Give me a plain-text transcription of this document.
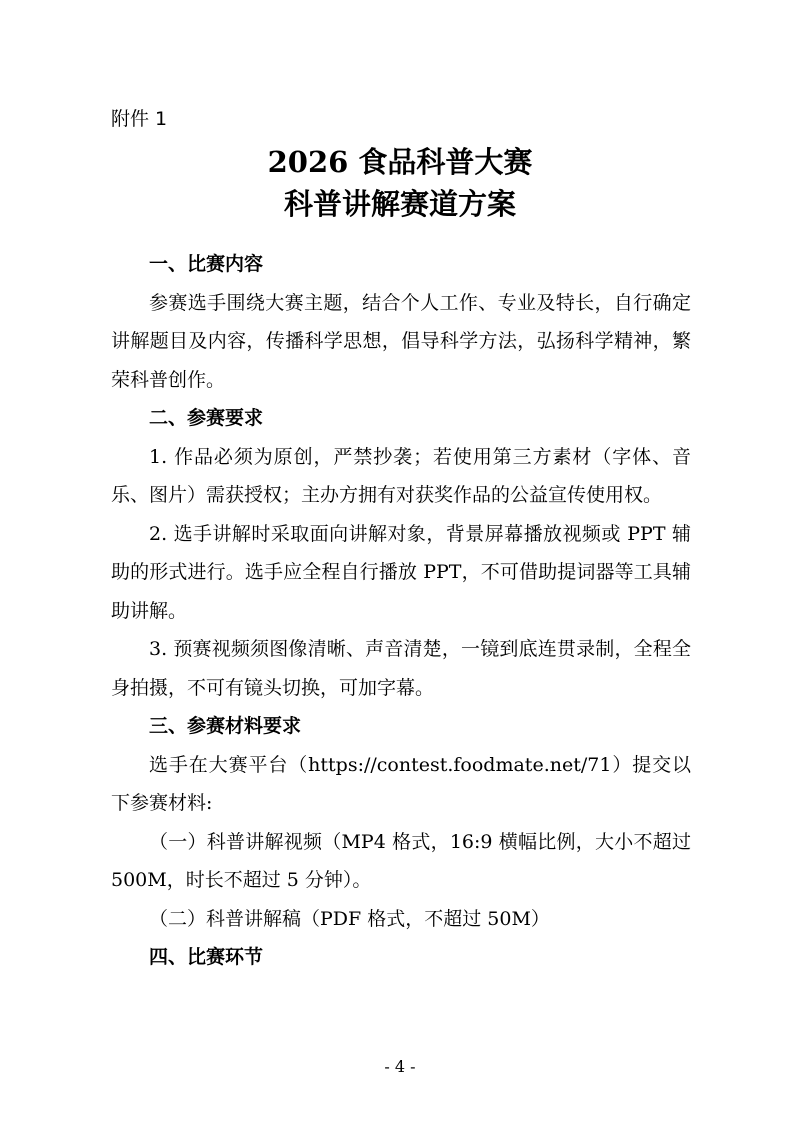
附件 1
2026 食品科普大赛
科普讲解赛道方案
一、比赛内容

参赛选手围绕大赛主题，结合个人工作、专业及特长，自行确定讲解题目及内容，传播科学思想，倡导科学方法，弘扬科学精神，繁荣科普创作。

二、参赛要求

1. 作品必须为原创，严禁抄袭；若使用第三方素材（字体、音乐、图片）需获授权；主办方拥有对获奖作品的公益宣传使用权。

2. 选手讲解时采取面向讲解对象，背景屏幕播放视频或 PPT 辅助的形式进行。选手应全程自行播放 PPT，不可借助提词器等工具辅助讲解。

3. 预赛视频须图像清晰、声音清楚，一镜到底连贯录制，全程全身拍摄，不可有镜头切换，可加字幕。

三、参赛材料要求

选手在大赛平台（https://contest.foodmate.net/71）提交以下参赛材料:

（一）科普讲解视频（MP4 格式，16:9 横幅比例，大小不超过 500M，时长不超过 5 分钟）。

（二）科普讲解稿（PDF 格式，不超过 50M）

四、比赛环节
- 4 -
